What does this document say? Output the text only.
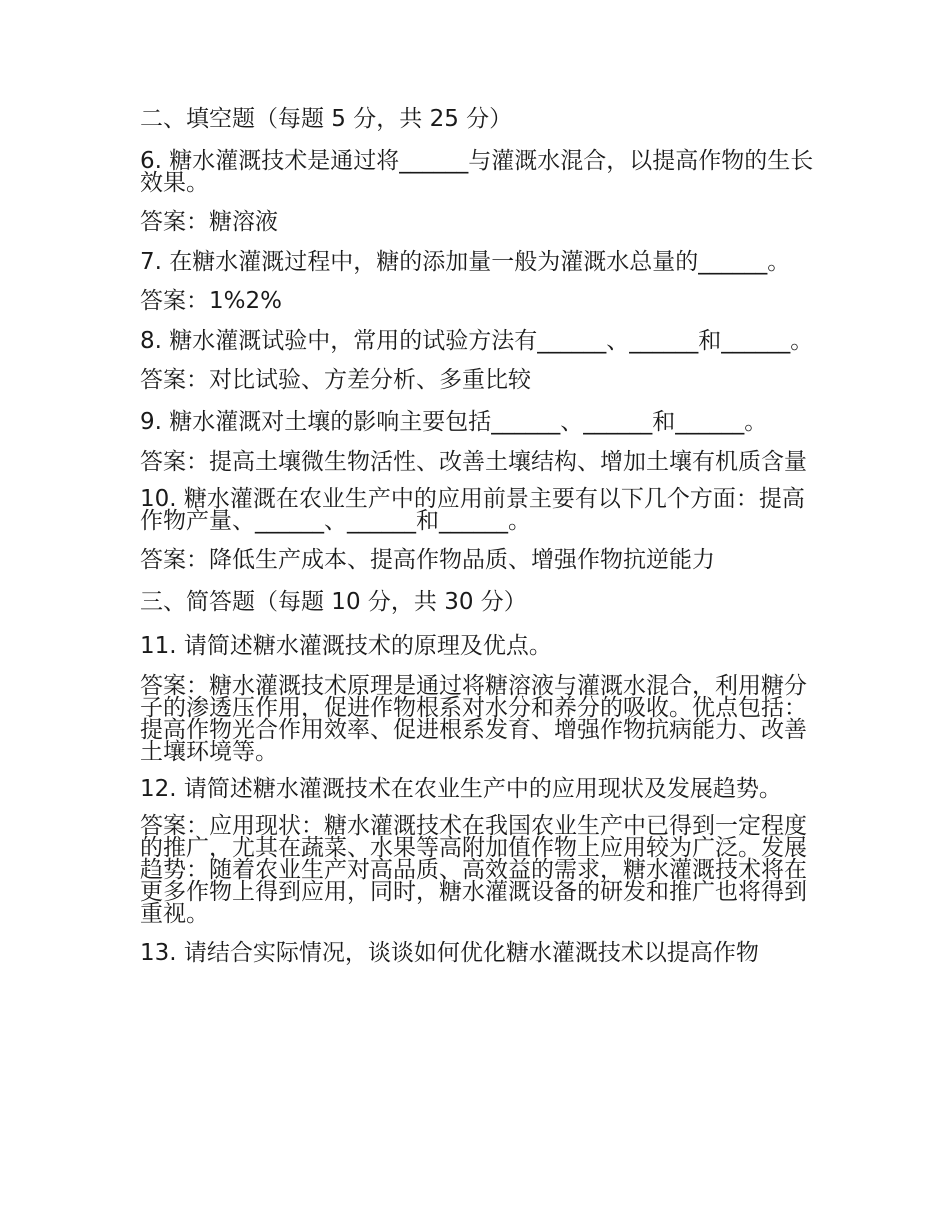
二、填空题（每题 5 分，共 25 分）
6. 糖水灌溉技术是通过将______与灌溉水混合，以提高作物的生长效果。
答案：糖溶液
7. 在糖水灌溉过程中，糖的添加量一般为灌溉水总量的______。
答案：1%2%
8. 糖水灌溉试验中，常用的试验方法有______、______和______。
答案：对比试验、方差分析、多重比较
9. 糖水灌溉对土壤的影响主要包括______、______和______。
答案：提高土壤微生物活性、改善土壤结构、增加土壤有机质含量
10. 糖水灌溉在农业生产中的应用前景主要有以下几个方面：提高作物产量、______、______和______。
答案：降低生产成本、提高作物品质、增强作物抗逆能力
三、简答题（每题 10 分，共 30 分）
11. 请简述糖水灌溉技术的原理及优点。
答案：糖水灌溉技术原理是通过将糖溶液与灌溉水混合，利用糖分子的渗透压作用，促进作物根系对水分和养分的吸收。优点包括：提高作物光合作用效率、促进根系发育、增强作物抗病能力、改善土壤环境等。
12. 请简述糖水灌溉技术在农业生产中的应用现状及发展趋势。
答案：应用现状：糖水灌溉技术在我国农业生产中已得到一定程度的推广，尤其在蔬菜、水果等高附加值作物上应用较为广泛。发展趋势：随着农业生产对高品质、高效益的需求，糖水灌溉技术将在更多作物上得到应用，同时，糖水灌溉设备的研发和推广也将得到重视。
13. 请结合实际情况，谈谈如何优化糖水灌溉技术以提高作物
